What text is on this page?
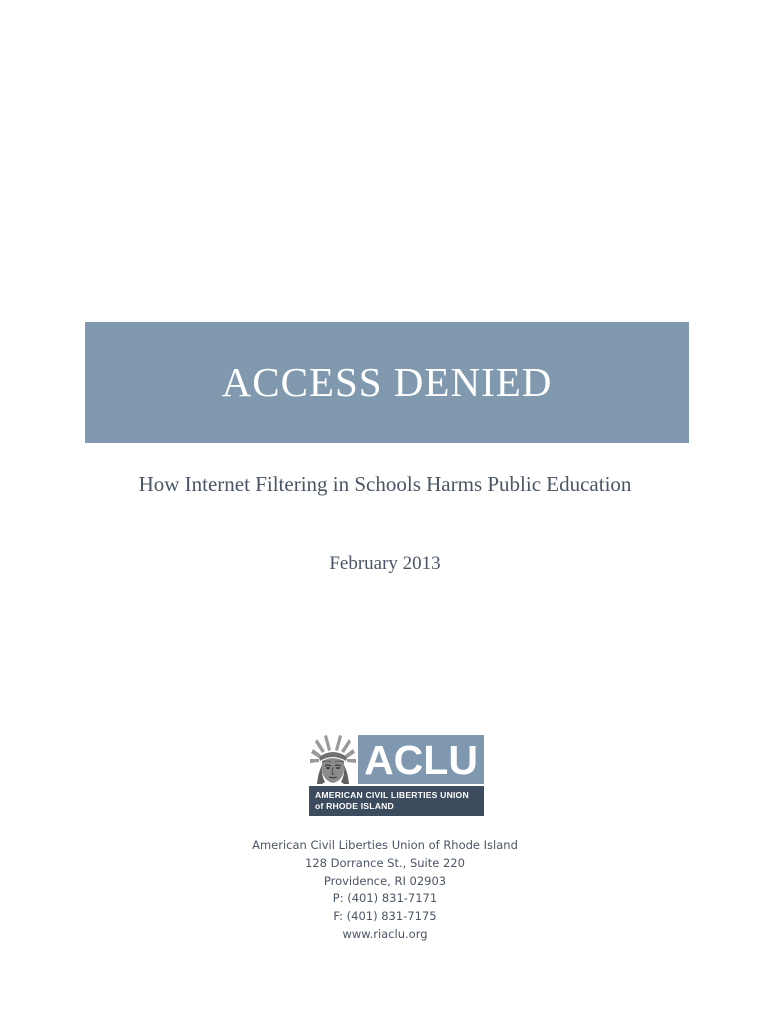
ACCESS DENIED

How Internet Filtering in Schools Harms Public Education

February 2013

ACLU
AMERICAN CIVIL LIBERTIES UNION
of RHODE ISLAND
American Civil Liberties Union of Rhode Island
128 Dorrance St., Suite 220
Providence, RI 02903
P: (401) 831-7171
F: (401) 831-7175
www.riaclu.org
